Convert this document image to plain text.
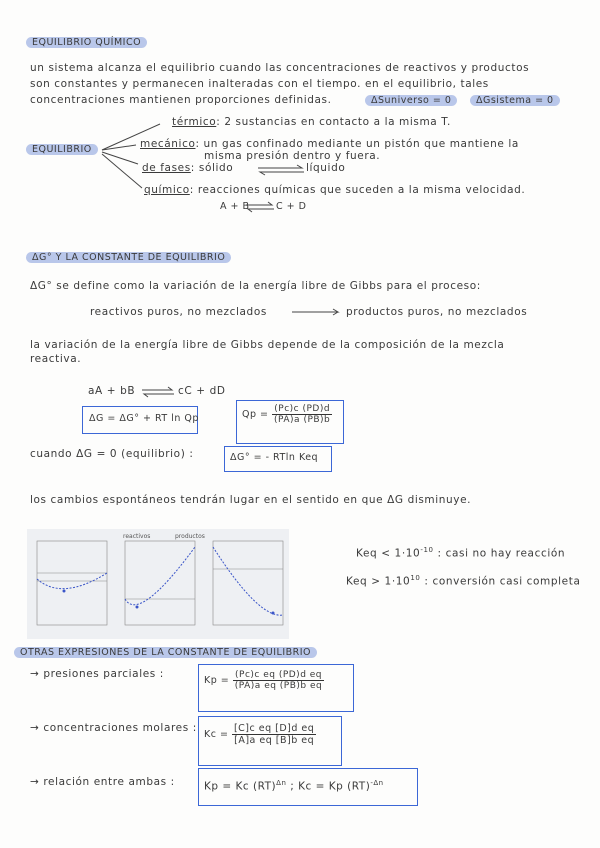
EQUILIBRIO QUÍMICO
un sistema alcanza el equilibrio cuando las concentraciones de reactivos y productos
son constantes y permanecen inalteradas con el tiempo. en el equilibrio, tales
concentraciones mantienen proporciones definidas.	ΔSuniverso = 0	ΔGsistema = 0
EQUILIBRIO
térmico: 2 sustancias en contacto a la misma T.
mecánico: un gas confinado mediante un pistón que mantiene la
misma presión dentro y fuera.
de fases: sólido	líquido
químico: reacciones químicas que suceden a la misma velocidad.
A + B	C + D
ΔG° Y LA CONSTANTE DE EQUILIBRIO
ΔG° se define como la variación de la energía libre de Gibbs para el proceso:
reactivos puros, no mezclados	productos puros, no mezclados
la variación de la energía libre de Gibbs depende de la composición de la mezcla
reactiva.
aA + bB	cC + dD
ΔG = ΔG° + RT ln Qp	$Qp = \frac{(Pc)c (PD)d}{(PA)a (PB)b}$
cuando ΔG = 0 (equilibrio) :	ΔG° = - RTln Keq
los cambios espontáneos tendrán lugar en el sentido en que ΔG disminuye.
reactivos	productos
Keq < $1\cdot 10^{-10}$ : casi no hay reacción
Keq > $1\cdot 10^{10}$ : conversión casi completa
OTRAS EXPRESIONES DE LA CONSTANTE DE EQUILIBRIO
→ presiones parciales :
$Kp = \frac{\text{(Pc)c eq (PD)d eq}}{\text{(PA)a eq (PB)b eq}}$
→ concentraciones molares :
$Kc = \frac{\text{[C]c eq [D]d eq}}{\text{[A]a eq [B]b eq}}$
→ relación entre ambas :	Kp = Kc (RT)$^{\Delta n}$ ; Kc = Kp (RT)$^{-\Delta n}$
